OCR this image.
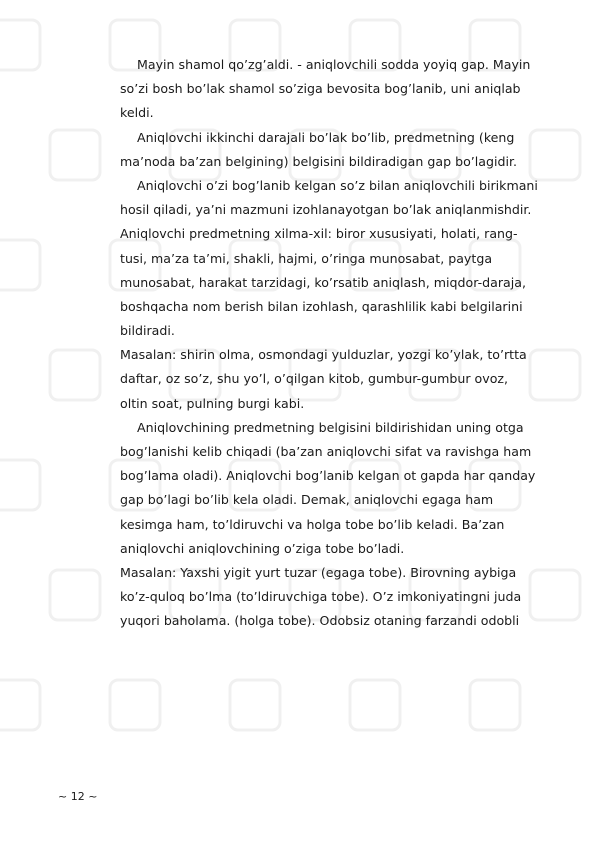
Mayin shamol qo’zg’aldi. - aniqlovchili sodda yoyiq gap. Mayin
so’zi bosh bo’lak shamol so’ziga bevosita bog’lanib, uni aniqlab
keldi.
Aniqlovchi ikkinchi darajali bo’lak bo’lib, predmetning (keng
ma’noda ba’zan belgining) belgisini bildiradigan gap bo’lagidir.
Aniqlovchi o’zi bog’lanib kelgan so’z bilan aniqlovchili birikmani
hosil qiladi, ya’ni mazmuni izohlanayotgan bo’lak aniqlanmishdir.
Aniqlovchi predmetning xilma-xil: biror xususiyati, holati, rang-
tusi, ma’za ta’mi, shakli, hajmi, o’ringa munosabat, paytga
munosabat, harakat tarzidagi, ko’rsatib aniqlash, miqdor-daraja,
boshqacha nom berish bilan izohlash, qarashlilik kabi belgilarini
bildiradi.
Masalan: shirin olma, osmondagi yulduzlar, yozgi ko’ylak, to’rtta
daftar, oz so’z, shu yo’l, o’qilgan kitob, gumbur-gumbur ovoz,
oltin soat, pulning burgi kabi.
Aniqlovchining predmetning belgisini bildirishidan uning otga
bog’lanishi kelib chiqadi (ba’zan aniqlovchi sifat va ravishga ham
bog’lama oladi). Aniqlovchi bog’lanib kelgan ot gapda har qanday
gap bo’lagi bo’lib kela oladi. Demak, aniqlovchi egaga ham
kesimga ham, to’ldiruvchi va holga tobe bo’lib keladi. Ba’zan
aniqlovchi aniqlovchining o’ziga tobe bo’ladi.
Masalan: Yaxshi yigit yurt tuzar (egaga tobe). Birovning aybiga
ko’z-quloq bo’lma (to’ldiruvchiga tobe). O’z imkoniyatingni juda
yuqori baholama. (holga tobe). Odobsiz otaning farzandi odobli
~ 12 ~
